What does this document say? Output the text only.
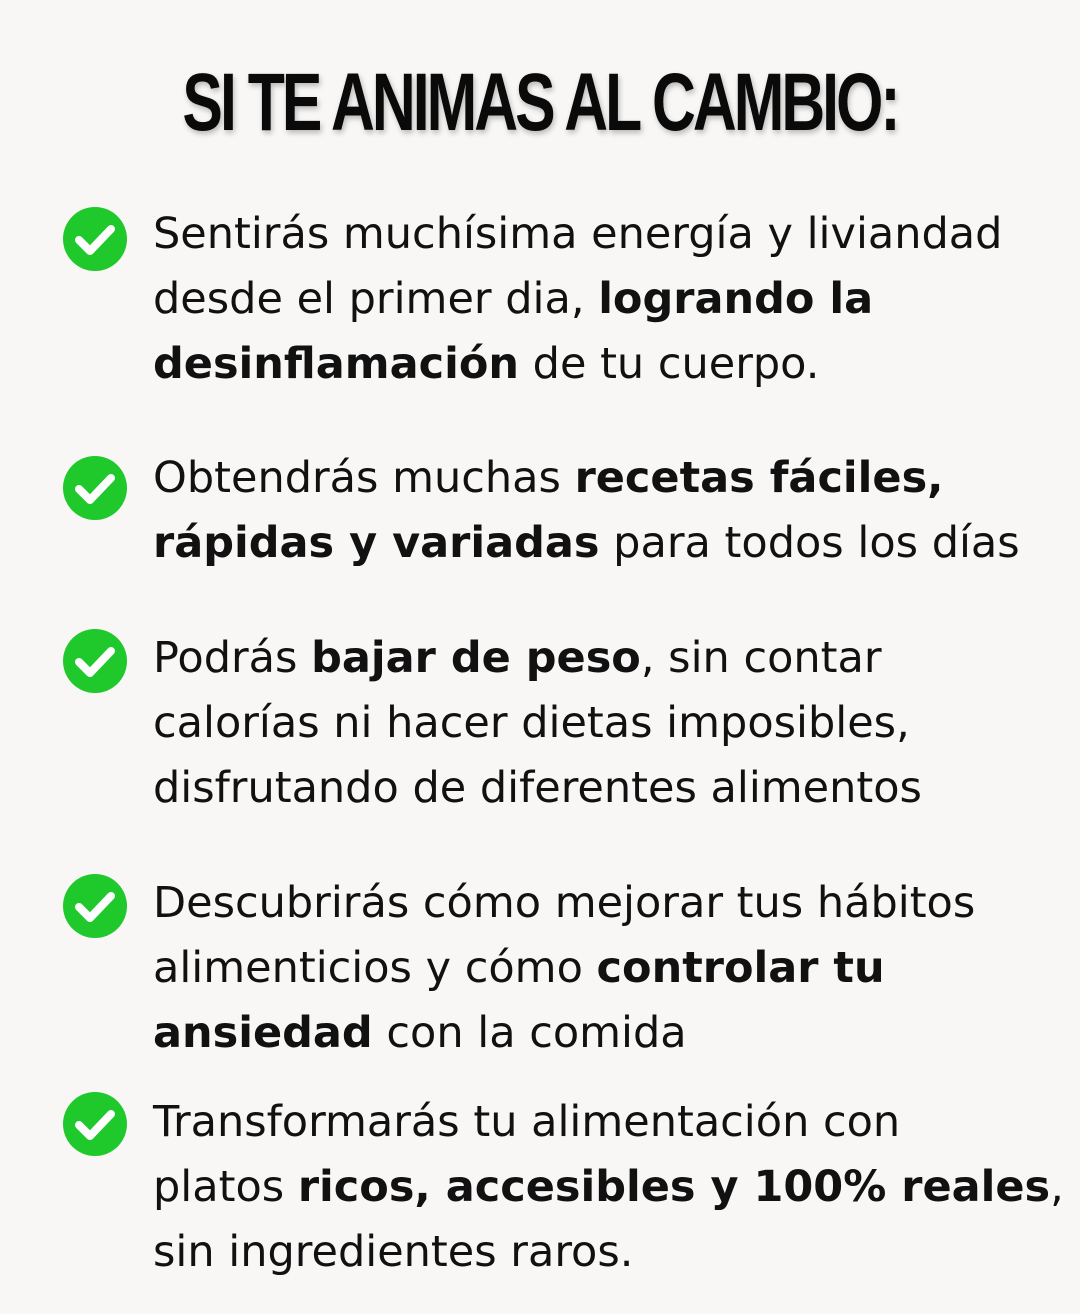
SI TE ANIMAS AL CAMBIO:
Sentirás muchísima energía y liviandad
desde el primer dia, logrando la
desinflamación de tu cuerpo.
Obtendrás muchas recetas fáciles,
rápidas y variadas para todos los días
Podrás bajar de peso, sin contar
calorías ni hacer dietas imposibles,
disfrutando de diferentes alimentos
Descubrirás cómo mejorar tus hábitos
alimenticios y cómo controlar tu
ansiedad con la comida
Transformarás tu alimentación con
platos ricos, accesibles y 100% reales,
sin ingredientes raros.
